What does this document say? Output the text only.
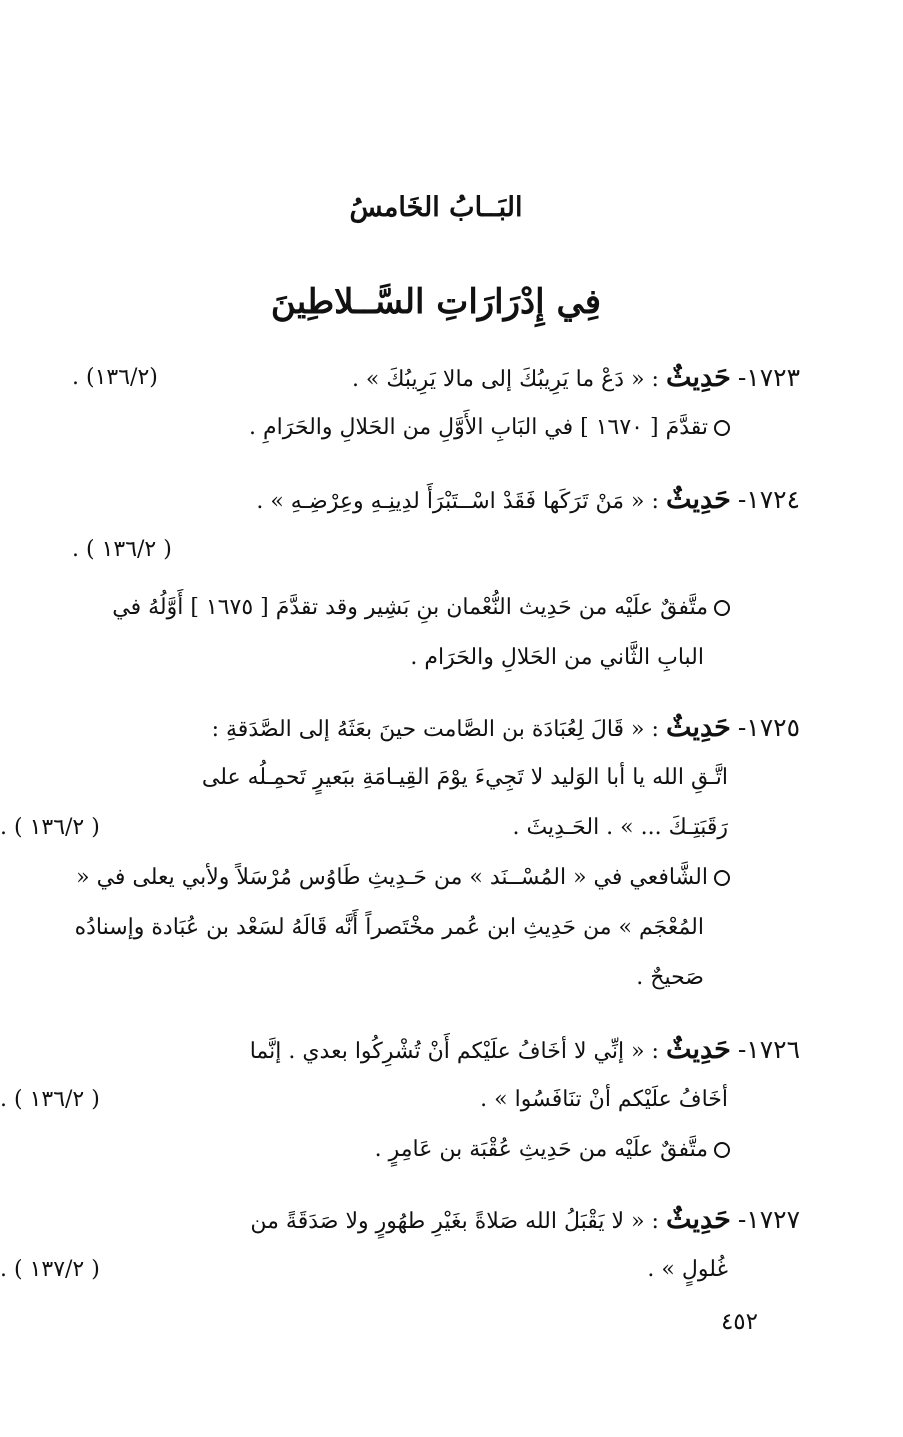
البَــابُ الخَامسُ
فِي إِدْرَارَاتِ السَّــلاطِينَ
١٧٢٣- حَدِيثٌ : « دَعْ ما يَرِيبُكَ إلى مالا يَرِيبُكَ » .
(١٣٦/٢) .
تقدَّمَ [ ١٦٧٠ ] في البَابِ الأَوَّلِ من الحَلالِ والحَرَامِ .
١٧٢٤- حَدِيثٌ : « مَنْ تَرَكَها فَقَدْ اسْــتَبْرَأَ لدِينِـهِ وعِرْضِـهِ » .
( ١٣٦/٢ ) .
متَّفقٌ علَيْه من حَدِيث النُّعْمان بنِ بَشِير وقد تقدَّمَ [ ١٦٧٥ ] أَوَّلُهُ في
البابِ الثَّاني من الحَلالِ والحَرَام .
١٧٢٥- حَدِيثٌ : « قَالَ لِعُبَادَة بن الصَّامت حينَ بعَثَهُ إلى الصَّدَقةِ :
اتَّـقِ الله يا أبا الوَليد لا تَجِيءَ يوْمَ القِيـامَةِ ببَعيرٍ تَحمِـلُه على
رَقَبَتِـكَ ... » . الحَـدِيثَ .
( ١٣٦/٢ ) .
الشَّافعي في « المُسْــنَد » من حَـدِيثِ طَاوُس مُرْسَلاً ولأبي يعلى في «
المُعْجَم » من حَدِيثِ ابن عُمر مخْتَصراً أَنَّه قَالَهُ لسَعْد بن عُبَادة وإسنادُه
صَحيحٌ .
١٧٢٦- حَدِيثٌ : « إنِّي لا أخَافُ علَيْكم أَنْ تُشْرِكُوا بعدي . إنَّما
أخَافُ علَيْكم أنْ تنَافَسُوا » .
( ١٣٦/٢ ) .
متَّفقٌ علَيْه من حَدِيثِ عُقْبَة بن عَامِرٍ .
١٧٢٧- حَدِيثٌ : « لا يَقْبَلُ الله صَلاةً بغَيْرِ طهُورٍ ولا صَدَقَةً من
غُلولٍ » .
( ١٣٧/٢ ) .
٤٥٢
